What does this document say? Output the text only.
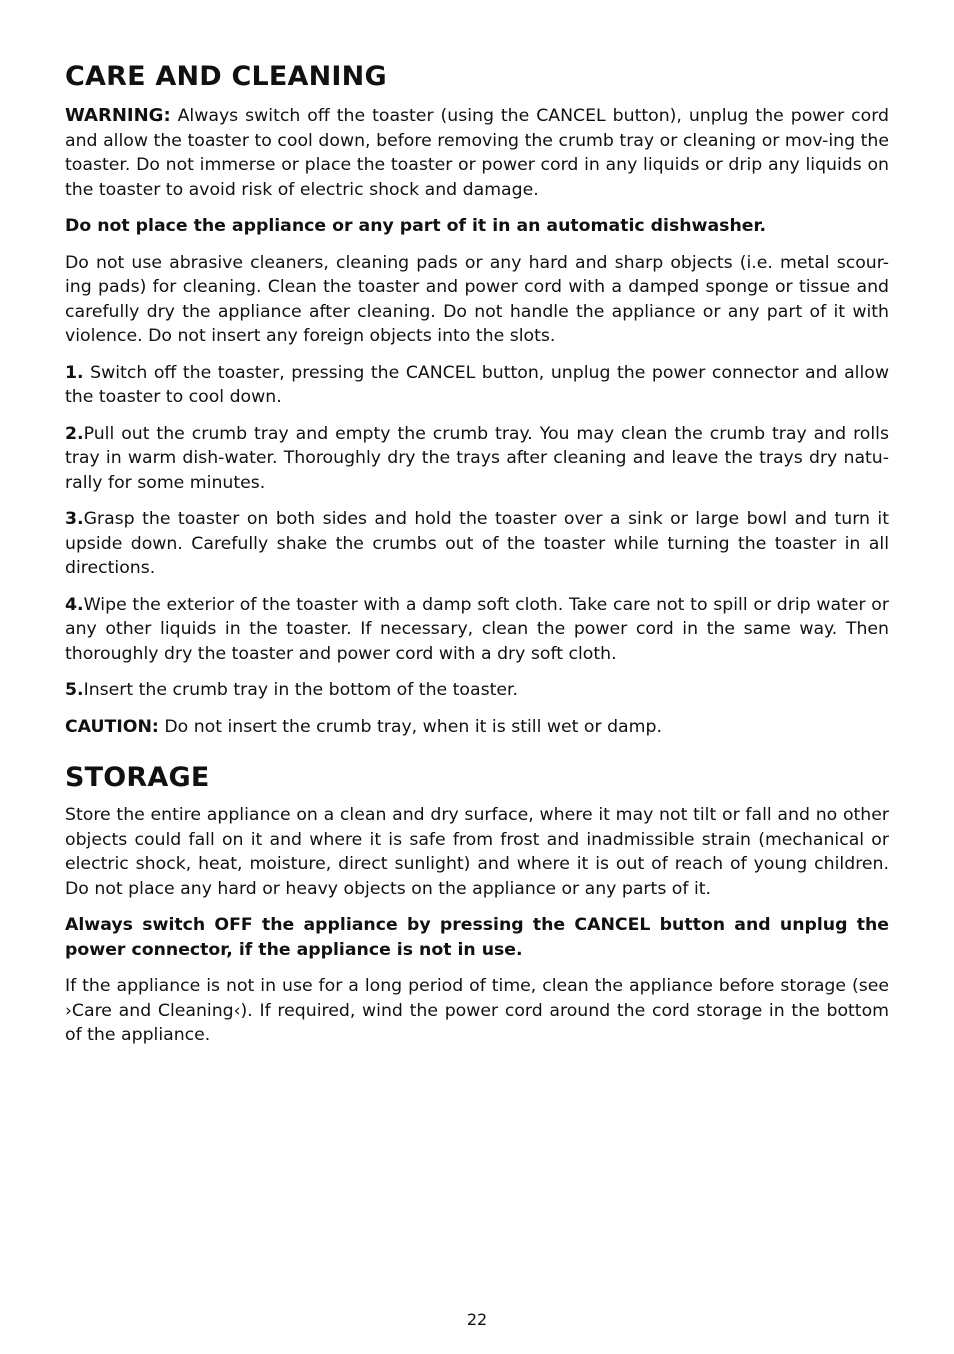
CARE AND CLEANING

WARNING: Always switch off the toaster (using the CANCEL button), unplug the power cord and allow the toaster to cool down, before removing the crumb tray or cleaning or mov-ing the toaster. Do not immerse or place the toaster or power cord in any liquids or drip any liquids on the toaster to avoid risk of electric shock and damage.

Do not place the appliance or any part of it in an automatic dishwasher.

Do not use abrasive cleaners, cleaning pads or any hard and sharp objects (i.e. metal scour-ing pads) for cleaning. Clean the toaster and power cord with a damped sponge or tissue and carefully dry the appliance after cleaning. Do not handle the appliance or any part of it with violence. Do not insert any foreign objects into the slots.

1. Switch off the toaster, pressing the CANCEL button, unplug the power connector and allow the toaster to cool down.

2.Pull out the crumb tray and empty the crumb tray. You may clean the crumb tray and rolls tray in warm dish-water. Thoroughly dry the trays after cleaning and leave the trays dry natu-rally for some minutes.

3.Grasp the toaster on both sides and hold the toaster over a sink or large bowl and turn it upside down. Carefully shake the crumbs out of the toaster while turning the toaster in all directions.

4.Wipe the exterior of the toaster with a damp soft cloth. Take care not to spill or drip water or any other liquids in the toaster. If necessary, clean the power cord in the same way. Then thoroughly dry the toaster and power cord with a dry soft cloth.

5.Insert the crumb tray in the bottom of the toaster.

CAUTION: Do not insert the crumb tray, when it is still wet or damp.

STORAGE

Store the entire appliance on a clean and dry surface, where it may not tilt or fall and no other objects could fall on it and where it is safe from frost and inadmissible strain (mechanical or electric shock, heat, moisture, direct sunlight) and where it is out of reach of young children. Do not place any hard or heavy objects on the appliance or any parts of it.

Always switch OFF the appliance by pressing the CANCEL button and unplug the power connector, if the appliance is not in use.

If the appliance is not in use for a long period of time, clean the appliance before storage (see ›Care and Cleaning‹). If required, wind the power cord around the cord storage in the bottom of the appliance.

22
